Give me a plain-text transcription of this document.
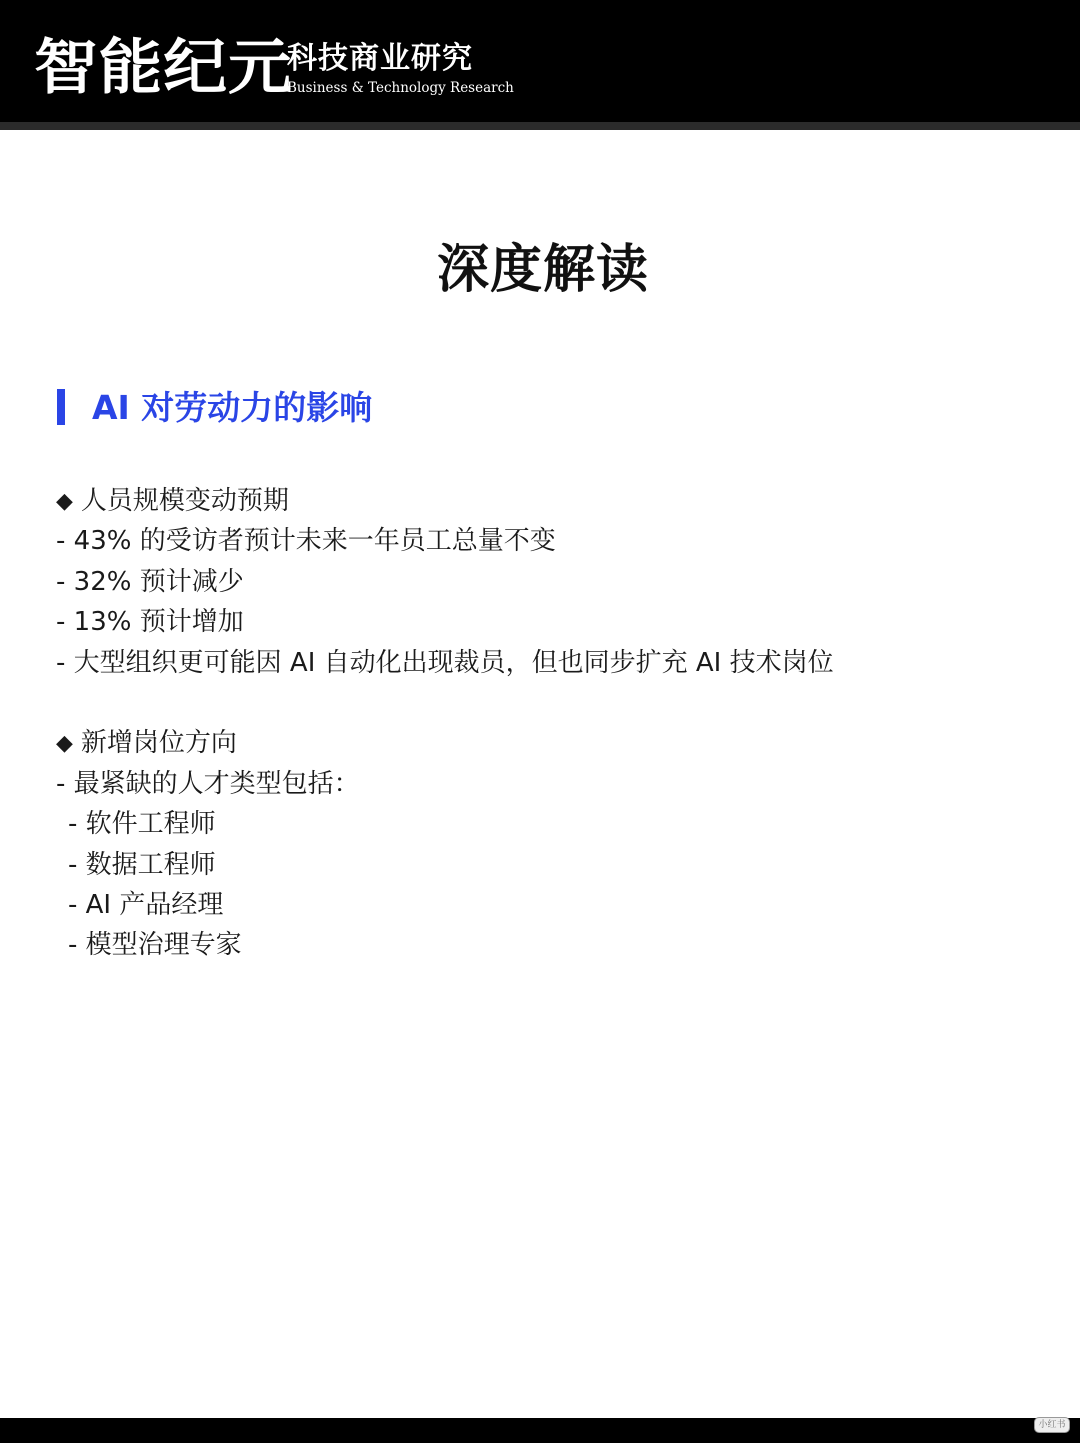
智能纪元
科技商业研究
Business & Technology Research
深度解读
AI 对劳动力的影响
◆ 人员规模变动预期
- 43% 的受访者预计未来一年员工总量不变
- 32% 预计减少
- 13% 预计增加
- 大型组织更可能因 AI 自动化出现裁员，但也同步扩充 AI 技术岗位
◆ 新增岗位方向
- 最紧缺的人才类型包括：
- 软件工程师
- 数据工程师
- AI 产品经理
- 模型治理专家
小红书
